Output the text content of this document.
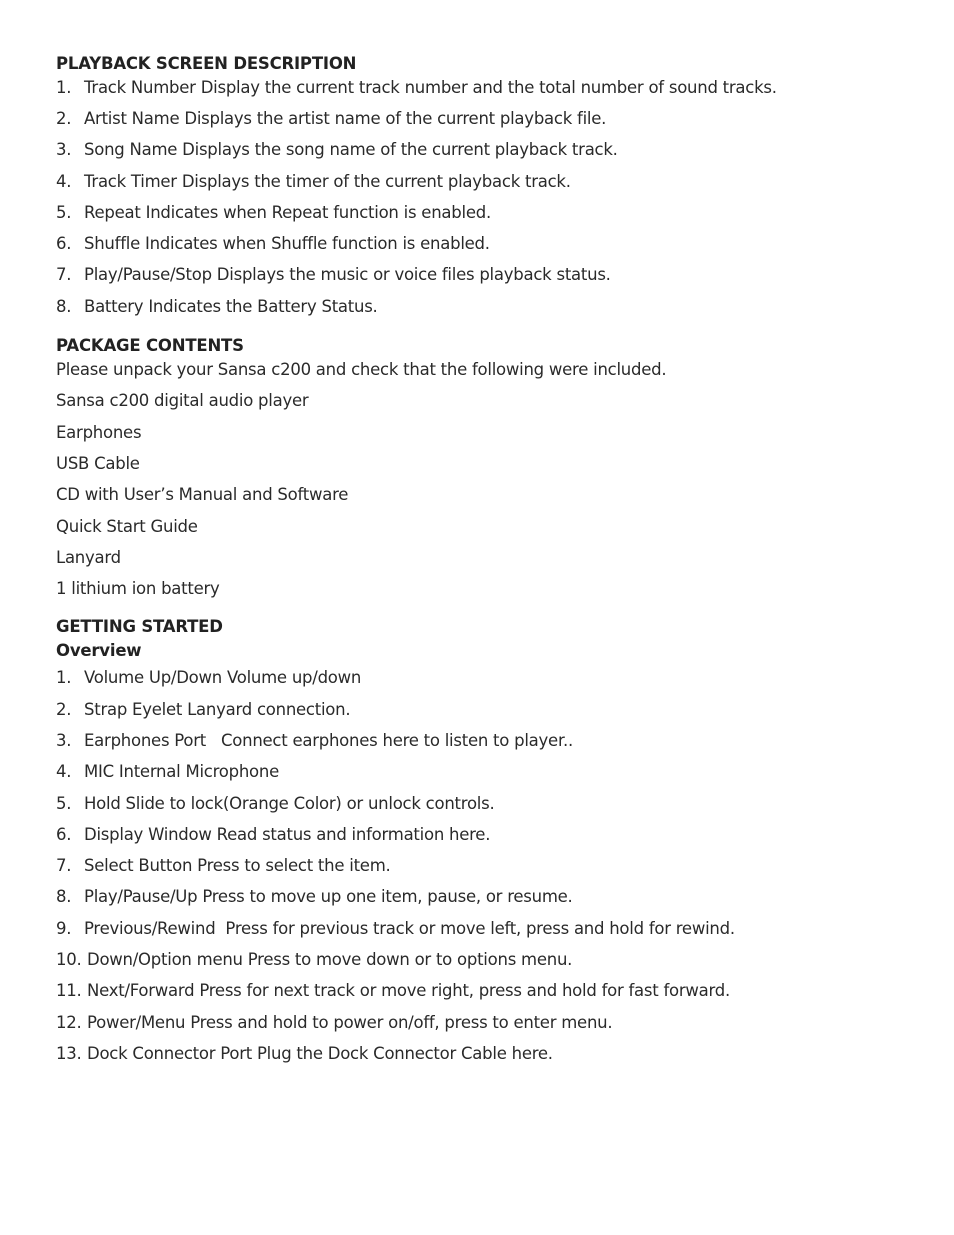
PLAYBACK SCREEN DESCRIPTION
1. Track Number Display the current track number and the total number of sound tracks.
2. Artist Name Displays the artist name of the current playback file.
3. Song Name Displays the song name of the current playback track.
4. Track Timer Displays the timer of the current playback track.
5. Repeat Indicates when Repeat function is enabled.
6. Shuffle Indicates when Shuffle function is enabled.
7. Play/Pause/Stop Displays the music or voice files playback status.
8. Battery Indicates the Battery Status.
PACKAGE CONTENTS
Please unpack your Sansa c200 and check that the following were included.
Sansa c200 digital audio player
Earphones
USB Cable
CD with User’s Manual and Software
Quick Start Guide
Lanyard
1 lithium ion battery
GETTING STARTED
Overview
1. Volume Up/Down Volume up/down
2. Strap Eyelet Lanyard connection.
3. Earphones Port   Connect earphones here to listen to player..
4. MIC Internal Microphone
5. Hold Slide to lock(Orange Color) or unlock controls.
6. Display Window Read status and information here.
7. Select Button Press to select the item.
8. Play/Pause/Up Press to move up one item, pause, or resume.
9. Previous/Rewind  Press for previous track or move left, press and hold for rewind.
10. Down/Option menu Press to move down or to options menu.
11. Next/Forward Press for next track or move right, press and hold for fast forward.
12. Power/Menu Press and hold to power on/off, press to enter menu.
13. Dock Connector Port Plug the Dock Connector Cable here.
